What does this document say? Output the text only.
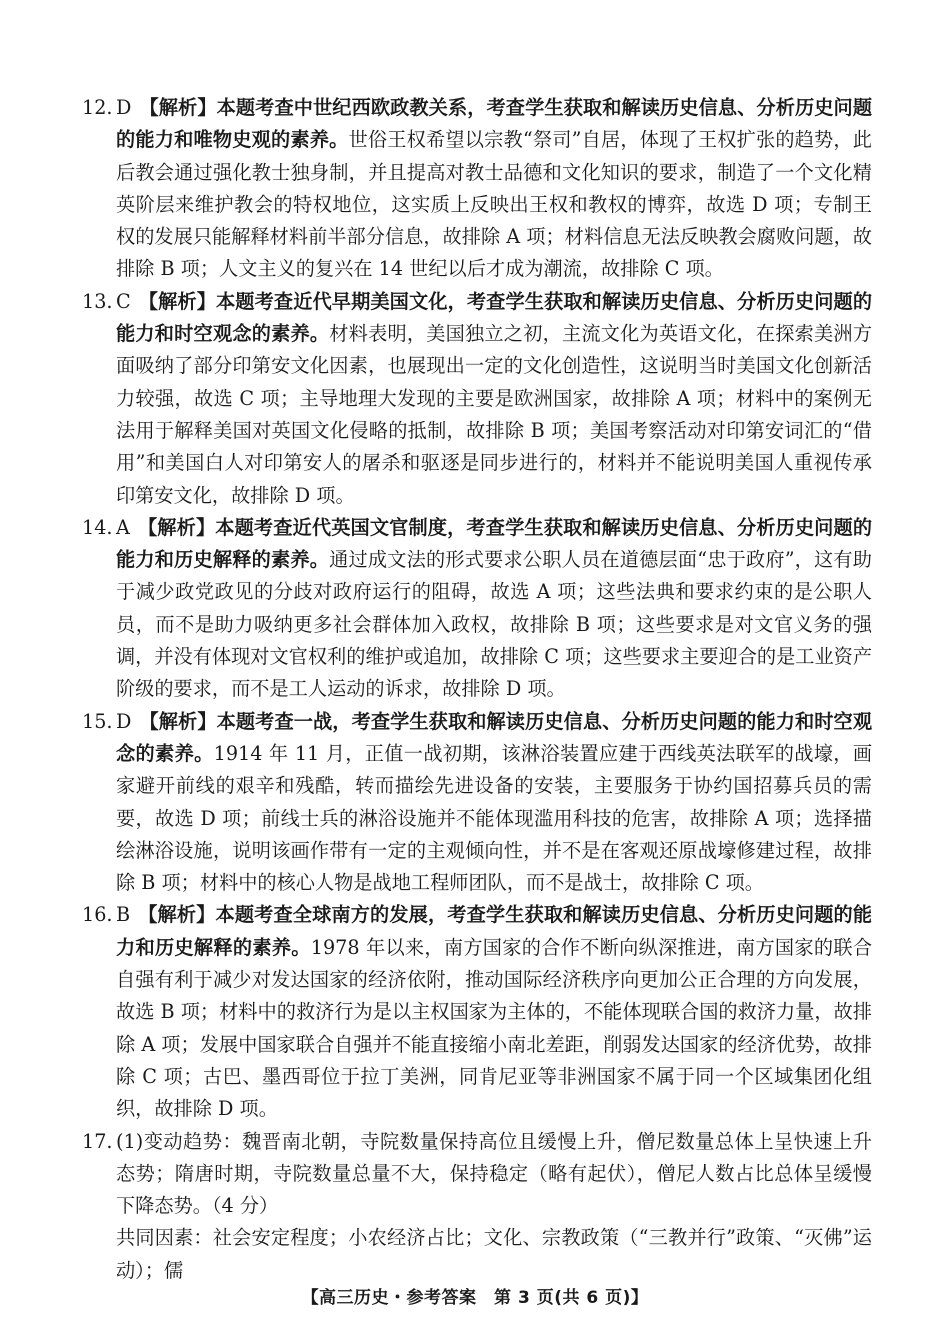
12. D 【解析】本题考查中世纪西欧政教关系，考查学生获取和解读历史信息、分析历史问题的能力和唯物史观的素养。世俗王权希望以宗教“祭司”自居，体现了王权扩张的趋势，此后教会通过强化教士独身制，并且提高对教士品德和文化知识的要求，制造了一个文化精英阶层来维护教会的特权地位，这实质上反映出王权和教权的博弈，故选 D 项；专制王权的发展只能解释材料前半部分信息，故排除 A 项；材料信息无法反映教会腐败问题，故排除 B 项；人文主义的复兴在 14 世纪以后才成为潮流，故排除 C 项。
13. C 【解析】本题考查近代早期美国文化，考查学生获取和解读历史信息、分析历史问题的能力和时空观念的素养。材料表明，美国独立之初，主流文化为英语文化，在探索美洲方面吸纳了部分印第安文化因素，也展现出一定的文化创造性，这说明当时美国文化创新活力较强，故选 C 项；主导地理大发现的主要是欧洲国家，故排除 A 项；材料中的案例无法用于解释美国对英国文化侵略的抵制，故排除 B 项；美国考察活动对印第安词汇的“借用”和美国白人对印第安人的屠杀和驱逐是同步进行的，材料并不能说明美国人重视传承印第安文化，故排除 D 项。
14. A 【解析】本题考查近代英国文官制度，考查学生获取和解读历史信息、分析历史问题的能力和历史解释的素养。通过成文法的形式要求公职人员在道德层面“忠于政府”，这有助于减少政党政见的分歧对政府运行的阻碍，故选 A 项；这些法典和要求约束的是公职人员，而不是助力吸纳更多社会群体加入政权，故排除 B 项；这些要求是对文官义务的强调，并没有体现对文官权利的维护或追加，故排除 C 项；这些要求主要迎合的是工业资产阶级的要求，而不是工人运动的诉求，故排除 D 项。
15. D 【解析】本题考查一战，考查学生获取和解读历史信息、分析历史问题的能力和时空观念的素养。1914 年 11 月，正值一战初期，该淋浴装置应建于西线英法联军的战壕，画家避开前线的艰辛和残酷，转而描绘先进设备的安装，主要服务于协约国招募兵员的需要，故选 D 项；前线士兵的淋浴设施并不能体现滥用科技的危害，故排除 A 项；选择描绘淋浴设施，说明该画作带有一定的主观倾向性，并不是在客观还原战壕修建过程，故排除 B 项；材料中的核心人物是战地工程师团队，而不是战士，故排除 C 项。
16. B 【解析】本题考查全球南方的发展，考查学生获取和解读历史信息、分析历史问题的能力和历史解释的素养。1978 年以来，南方国家的合作不断向纵深推进，南方国家的联合自强有利于减少对发达国家的经济依附，推动国际经济秩序向更加公正合理的方向发展，故选 B 项；材料中的救济行为是以主权国家为主体的，不能体现联合国的救济力量，故排除 A 项；发展中国家联合自强并不能直接缩小南北差距，削弱发达国家的经济优势，故排除 C 项；古巴、墨西哥位于拉丁美洲，同肯尼亚等非洲国家不属于同一个区域集团化组织，故排除 D 项。
17. (1)变动趋势：魏晋南北朝，寺院数量保持高位且缓慢上升，僧尼数量总体上呈快速上升态势；隋唐时期，寺院数量总量不大，保持稳定（略有起伏），僧尼人数占比总体呈缓慢下降态势。（4 分）
共同因素：社会安定程度；小农经济占比；文化、宗教政策（“三教并行”政策、“灭佛”运动）；儒
【高三历史・参考答案　第 3 页(共 6 页)】
